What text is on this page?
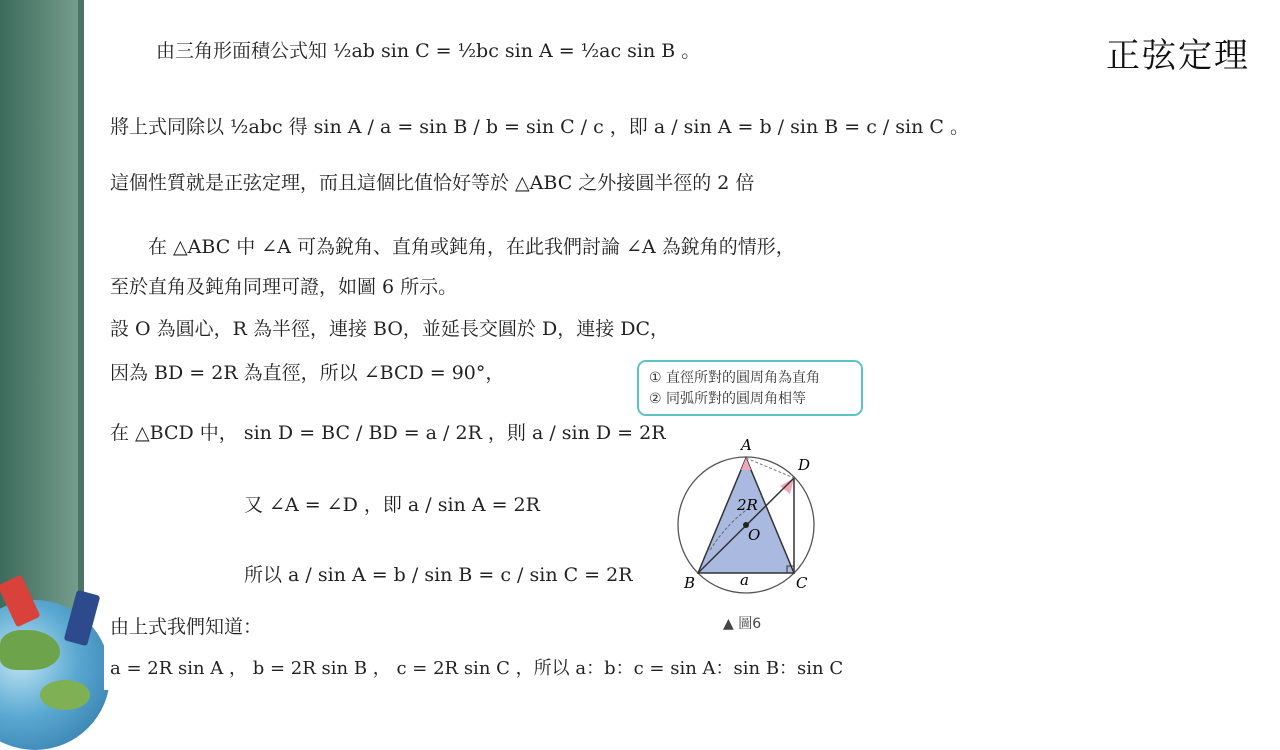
正弦定理
由三角形面積公式知 ½ab sin C = ½bc sin A = ½ac sin B 。
將上式同除以 ½abc 得 sin A / a = sin B / b = sin C / c ，即 a / sin A = b / sin B = c / sin C 。
這個性質就是正弦定理，而且這個比值恰好等於 △ABC 之外接圓半徑的 2 倍
　　在 △ABC 中 ∠A 可為銳角、直角或鈍角，在此我們討論 ∠A 為銳角的情形，
至於直角及鈍角同理可證，如圖 6 所示。
設 O 為圓心，R 為半徑，連接 BO，並延長交圓於 D，連接 DC，
因為 BD = 2R 為直徑，所以 ∠BCD = 90°，
在 △BCD 中， sin D = BC / BD = a / 2R ，則 a / sin D = 2R
又 ∠A = ∠D ，即 a / sin A = 2R
所以 a / sin A = b / sin B = c / sin C = 2R
由上式我們知道：
a = 2R sin A ， b = 2R sin B ， c = 2R sin C ，所以 a：b：c = sin A：sin B：sin C
① 直徑所對的圓周角為直角
② 同弧所對的圓周角相等
A
D
2R
O
B	a	C
▲ 圖6
